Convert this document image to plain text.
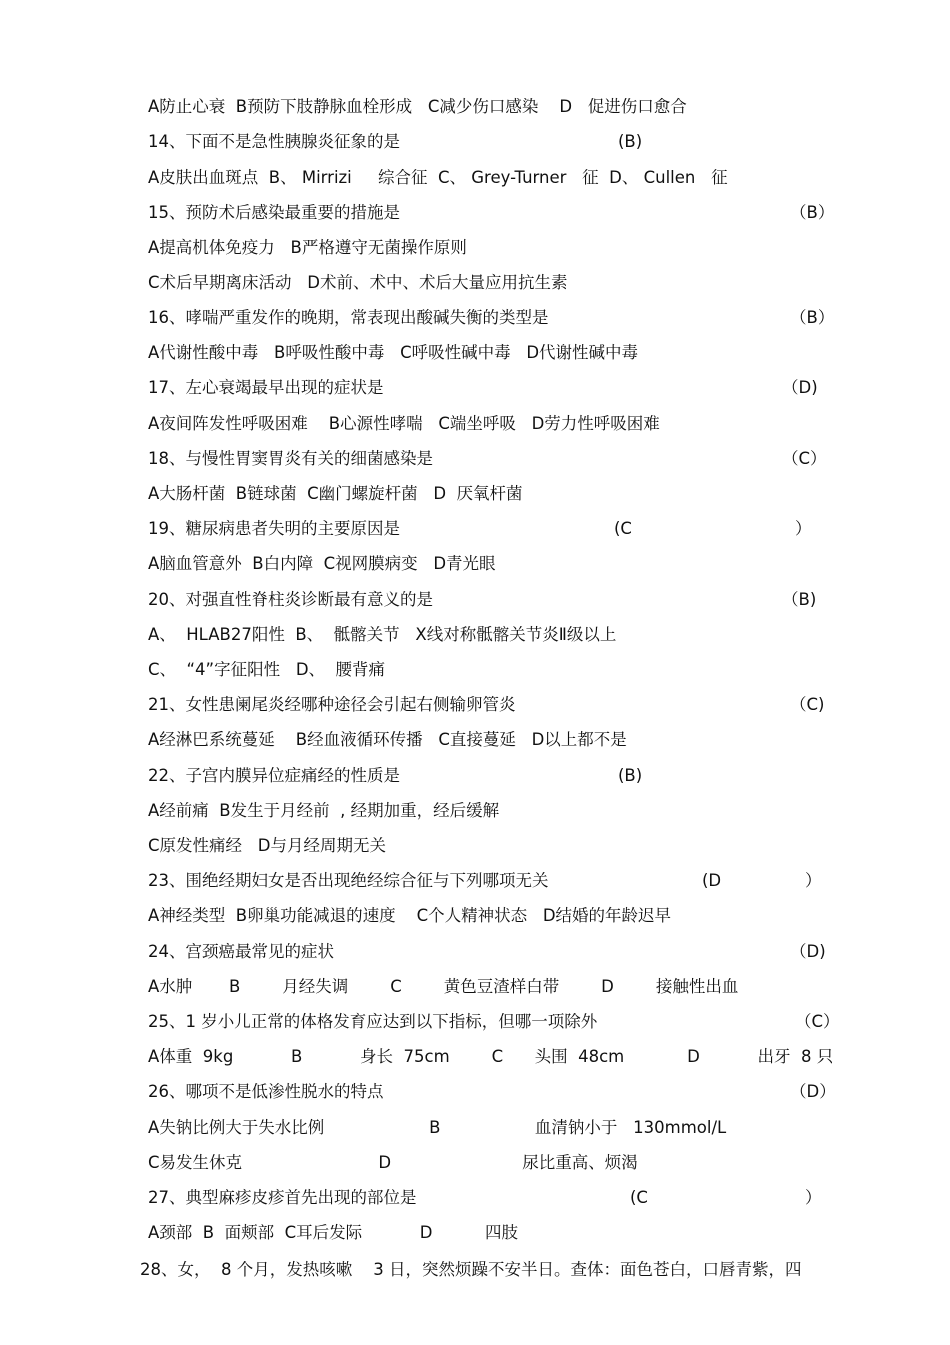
A防止心衰  B预防下肢静脉血栓形成   C减少伤口感染    D   促进伤口愈合
14、下面不是急性胰腺炎征象的是	(B)
A皮肤出血斑点  B、 Mirrizi     综合征  C、 Grey-Turner   征  D、 Cullen   征
15、预防术后感染最重要的措施是	（B）
A提高机体免疫力   B严格遵守无菌操作原则
C术后早期离床活动   D术前、术中、术后大量应用抗生素
16、哮喘严重发作的晚期，常表现出酸碱失衡的类型是	（B）
A代谢性酸中毒   B呼吸性酸中毒   C呼吸性碱中毒   D代谢性碱中毒
17、左心衰竭最早出现的症状是	（D)
A夜间阵发性呼吸困难    B心源性哮喘   C端坐呼吸   D劳力性呼吸困难
18、与慢性胃窦胃炎有关的细菌感染是	（C）
A大肠杆菌  B链球菌  C幽门螺旋杆菌   D  厌氧杆菌
19、糖尿病患者失明的主要原因是	(C	）
A脑血管意外  B白内障  C视网膜病变   D青光眼
20、对强直性脊柱炎诊断最有意义的是	（B)
A、  HLAB27阳性  B、  骶髂关节   X线对称骶髂关节炎Ⅱ级以上
C、  “4”字征阳性   D、  腰背痛
21、女性患阑尾炎经哪种途径会引起右侧输卵管炎	（C)
A经淋巴系统蔓延    B经血液循环传播   C直接蔓延   D以上都不是
22、子宫内膜异位症痛经的性质是	(B)
A经前痛  B发生于月经前  , 经期加重，经后缓解
C原发性痛经   D与月经周期无关
23、围绝经期妇女是否出现绝经综合征与下列哪项无关	(D	）
A神经类型  B卵巢功能减退的速度    C个人精神状态   D结婚的年龄迟早
24、宫颈癌最常见的症状	（D)
A水肿       B        月经失调        C        黄色豆渣样白带        D        接触性出血
25、1 岁小儿正常的体格发育应达到以下指标，但哪一项除外	（C）
A体重  9kg           B           身长  75cm        C      头围  48cm            D           出牙  8 只
26、哪项不是低渗性脱水的特点	（D）
A失钠比例大于失水比例                    B                  血清钠小于   130mmol/L
C易发生休克                          D                         尿比重高、烦渴
27、典型麻疹皮疹首先出现的部位是	(C	）
A颈部  B  面颊部  C耳后发际           D          四肢
28、女，  8 个月，发热咳嗽    3 日，突然烦躁不安半日。查体：面色苍白，口唇青紫，四
